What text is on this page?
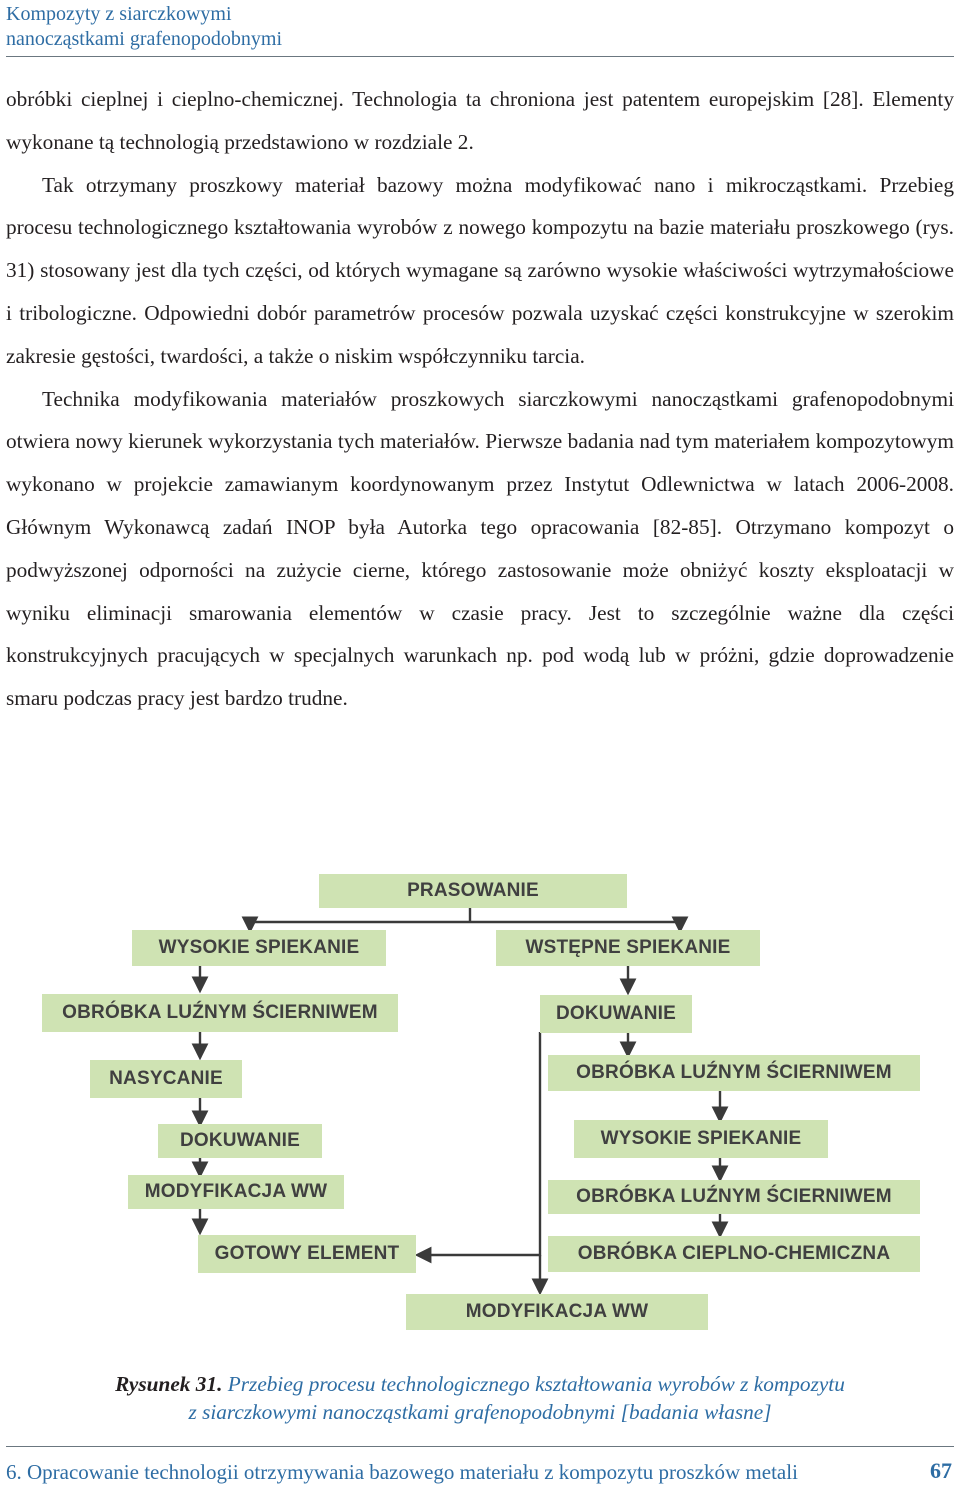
Kompozyty z siarczkowymi
nanocząstkami grafenopodobnymi

obróbki cieplnej i cieplno-chemicznej. Technologia ta chroniona jest patentem europejskim [28]. Elementy wykonane tą technologią przedstawiono w rozdziale 2.

Tak otrzymany proszkowy materiał bazowy można modyfikować nano i mikrocząstkami. Przebieg procesu technologicznego kształtowania wyrobów z nowego kompozytu na bazie materiału proszkowego (rys. 31) stosowany jest dla tych części, od których wymagane są zarówno wysokie właściwości wytrzymałościowe i tribologiczne. Odpowiedni dobór parametrów procesów pozwala uzyskać części konstrukcyjne w szerokim zakresie gęstości, twardości, a także o niskim współczynniku tarcia.

Technika modyfikowania materiałów proszkowych siarczkowymi nanocząstkami grafenopodobnymi otwiera nowy kierunek wykorzystania tych materiałów. Pierwsze badania nad tym materiałem kompozytowym wykonano w projekcie zamawianym koordynowanym przez Instytut Odlewnictwa w latach 2006-2008. Głównym Wykonawcą zadań INOP była Autorka tego opracowania [82-85]. Otrzymano kompozyt o podwyższonej odporności na zużycie cierne, którego zastosowanie może obniżyć koszty eksploatacji w wyniku eliminacji smarowania elementów w czasie pracy. Jest to szczególnie ważne dla części konstrukcyjnych pracujących w specjalnych warunkach np. pod wodą lub w próżni, gdzie doprowadzenie smaru podczas pracy jest bardzo trudne.

PRASOWANIE
WYSOKIE SPIEKANIE
OBRÓBKA LUŹNYM ŚCIERNIWEM
NASYCANIE
DOKUWANIE
MODYFIKACJA WW
GOTOWY ELEMENT
WSTĘPNE SPIEKANIE
DOKUWANIE
OBRÓBKA LUŹNYM ŚCIERNIWEM
WYSOKIE SPIEKANIE
OBRÓBKA LUŹNYM ŚCIERNIWEM
OBRÓBKA CIEPLNO-CHEMICZNA
MODYFIKACJA WW
Rysunek 31. Przebieg procesu technologicznego kształtowania wyrobów z kompozytu
z siarczkowymi nanocząstkami grafenopodobnymi [badania własne]
6. Opracowanie technologii otrzymywania bazowego materiału z kompozytu proszków metali	67
